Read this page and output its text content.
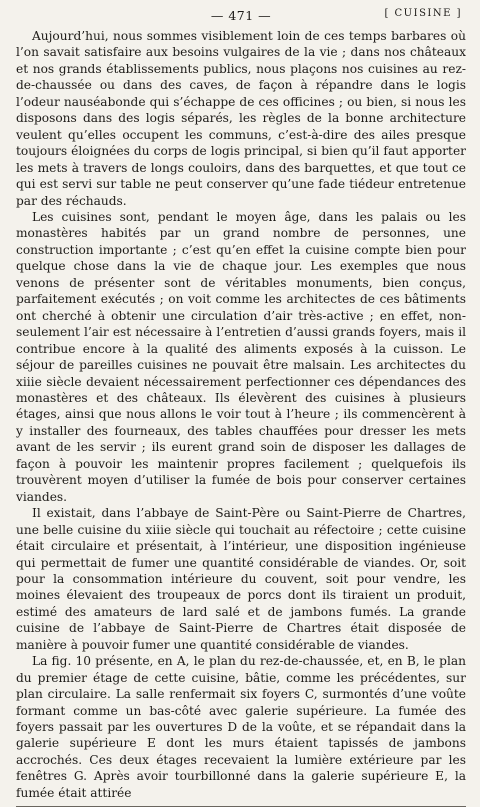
— 471 —	[ CUISINE ]

Aujourd’hui, nous sommes visiblement loin de ces temps barbares où l’on savait satisfaire aux besoins vulgaires de la vie ; dans nos châteaux et nos grands établissements publics, nous plaçons nos cuisines au rez-de-chaussée ou dans des caves, de façon à répandre dans le logis l’odeur nauséabonde qui s’échappe de ces officines ; ou bien, si nous les disposons dans des logis séparés, les règles de la bonne architecture veulent qu’elles occupent les communs, c’est-à-dire des ailes presque toujours éloignées du corps de logis principal, si bien qu’il faut apporter les mets à travers de longs couloirs, dans des barquettes, et que tout ce qui est servi sur table ne peut conserver qu’une fade tiédeur entretenue par des réchauds.

Les cuisines sont, pendant le moyen âge, dans les palais ou les monastères habités par un grand nombre de personnes, une construction importante ; c’est qu’en effet la cuisine compte bien pour quelque chose dans la vie de chaque jour. Les exemples que nous venons de présenter sont de véritables monuments, bien conçus, parfaitement exécutés ; on voit comme les architectes de ces bâtiments ont cherché à obtenir une circulation d’air très-active ; en effet, non-seulement l’air est nécessaire à l’entretien d’aussi grands foyers, mais il contribue encore à la qualité des aliments exposés à la cuisson. Le séjour de pareilles cuisines ne pouvait être malsain. Les architectes du xiiie siècle devaient nécessairement perfectionner ces dépendances des monastères et des châteaux. Ils élevèrent des cuisines à plusieurs étages, ainsi que nous allons le voir tout à l’heure ; ils commencèrent à y installer des fourneaux, des tables chauffées pour dresser les mets avant de les servir ; ils eurent grand soin de disposer les dallages de façon à pouvoir les maintenir propres facilement ; quelquefois ils trouvèrent moyen d’utiliser la fumée de bois pour conserver certaines viandes.

Il existait, dans l’abbaye de Saint-Père ou Saint-Pierre de Chartres, une belle cuisine du xiiie siècle qui touchait au réfectoire ; cette cuisine était circulaire et présentait, à l’intérieur, une disposition ingénieuse qui permettait de fumer une quantité considérable de viandes. Or, soit pour la consommation intérieure du couvent, soit pour vendre, les moines élevaient des troupeaux de porcs dont ils tiraient un produit, estimé des amateurs de lard salé et de jambons fumés. La grande cuisine de l’abbaye de Saint-Pierre de Chartres était disposée de manière à pouvoir fumer une quantité considérable de viandes.

La fig. 10 présente, en A, le plan du rez-de-chaussée, et, en B, le plan du premier étage de cette cuisine, bâtie, comme les précédentes, sur plan circulaire. La salle renfermait six foyers C, surmontés d’une voûte formant comme un bas-côté avec galerie supérieure. La fumée des foyers passait par les ouvertures D de la voûte, et se répandait dans la galerie supérieure E dont les murs étaient tapissés de jambons accrochés. Ces deux étages recevaient la lumière extérieure par les fenêtres G. Après avoir tourbillonné dans la galerie supérieure E, la fumée était attirée
